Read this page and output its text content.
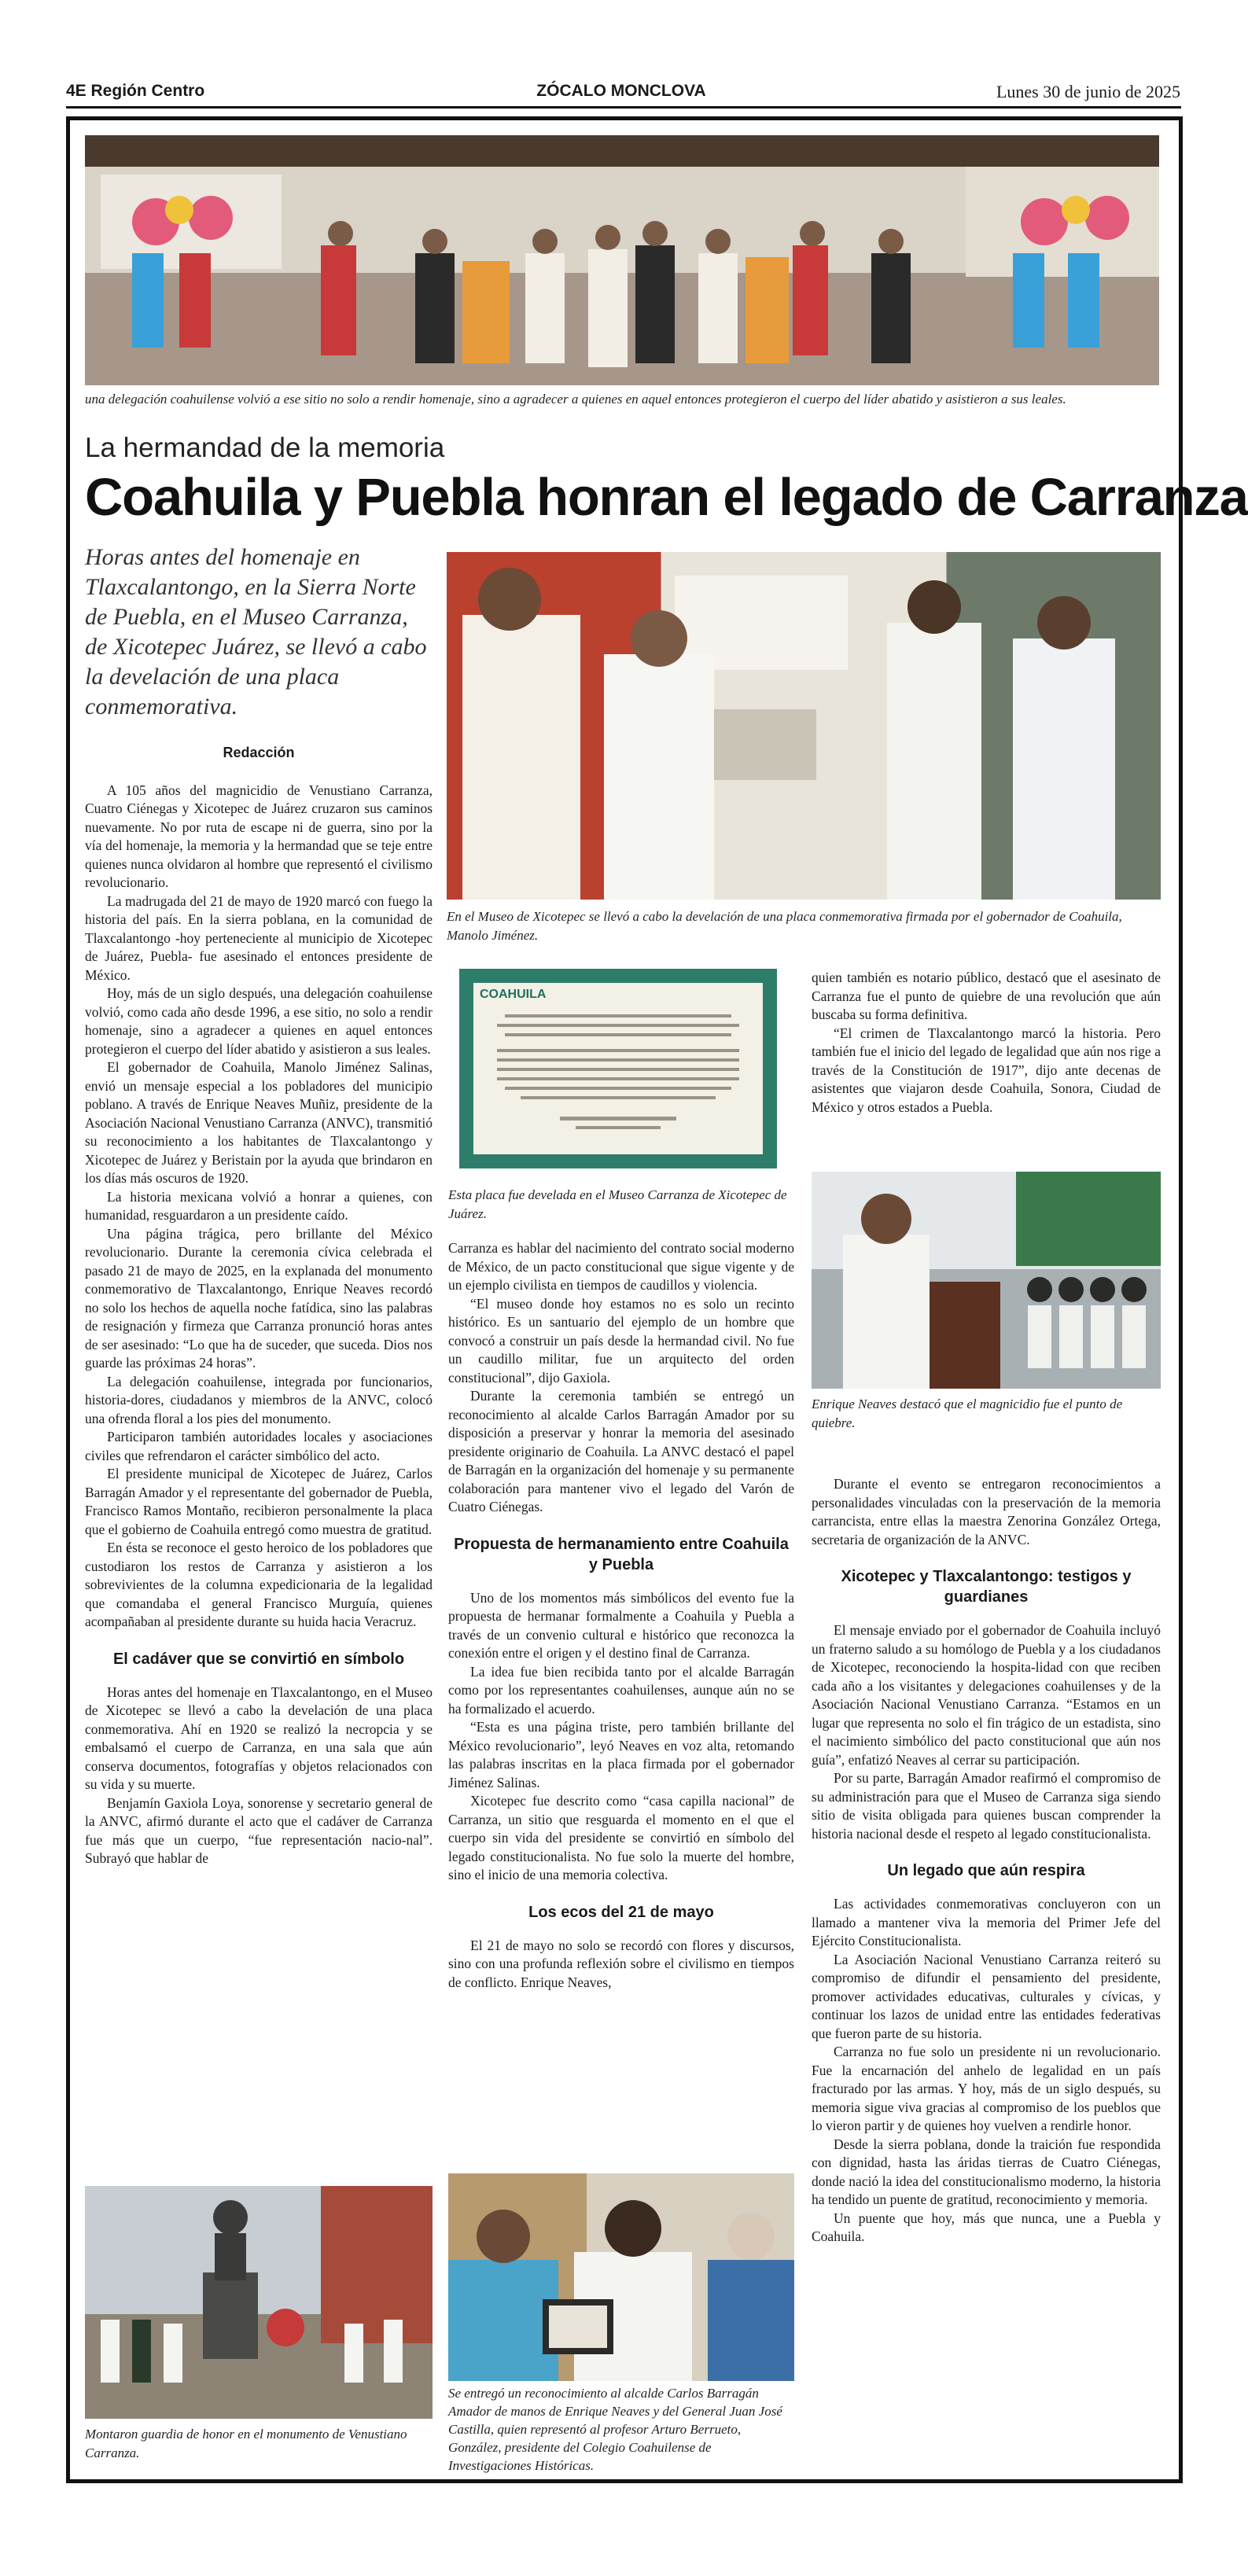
4E Región Centro	ZÓCALO MONCLOVA	Lunes 30 de junio de 2025
una delegación coahuilense volvió a ese sitio no solo a rendir homenaje, sino a agradecer a quienes en aquel entonces protegieron el cuerpo del líder abatido y asistieron a sus leales.
La hermandad de la memoria
Coahuila y Puebla honran el legado de Carranza
Horas antes del homenaje en Tlaxcalantongo, en la Sierra Norte de Puebla, en el Museo Carranza, de Xicotepec Juárez, se llevó a cabo la develación de una placa conmemorativa.
En el Museo de Xicotepec se llevó a cabo la develación de una placa conmemorativa firmada por el gobernador de Coahuila, Manolo Jiménez.
COAHUILA
Esta placa fue develada en el Museo Carranza de Xicotepec de Juárez.

Redacción

A 105 años del magnicidio de Venustiano Carranza, Cuatro Ciénegas y Xicotepec de Juárez cruzaron sus caminos nuevamente. No por ruta de escape ni de guerra, sino por la vía del homenaje, la memoria y la hermandad que se teje entre quienes nunca olvidaron al hombre que representó el civilismo revolucionario.

La madrugada del 21 de mayo de 1920 marcó con fuego la historia del país. En la sierra poblana, en la comunidad de Tlaxcalantongo -hoy perteneciente al municipio de Xicotepec de Juárez, Puebla- fue asesinado el entonces presidente de México.

Hoy, más de un siglo después, una delegación coahuilense volvió, como cada año desde 1996, a ese sitio, no solo a rendir homenaje, sino a agradecer a quienes en aquel entonces protegieron el cuerpo del líder abatido y asistieron a sus leales.

El gobernador de Coahuila, Manolo Jiménez Salinas, envió un mensaje especial a los pobladores del municipio poblano. A través de Enrique Neaves Muñiz, presidente de la Asociación Nacional Venustiano Carranza (ANVC), transmitió su reconocimiento a los habitantes de Tlaxcalantongo y Xicotepec de Juárez y Beristain por la ayuda que brindaron en los días más oscuros de 1920.

La historia mexicana volvió a honrar a quienes, con humanidad, resguardaron a un presidente caído.

Una página trágica, pero brillante del México revolucionario. Durante la ceremonia cívica celebrada el pasado 21 de mayo de 2025, en la explanada del monumento conmemorativo de Tlaxcalantongo, Enrique Neaves recordó no solo los hechos de aquella noche fatídica, sino las palabras de resignación y firmeza que Carranza pronunció horas antes de ser asesinado: “Lo que ha de suceder, que suceda. Dios nos guarde las próximas 24 horas”.

La delegación coahuilense, integrada por funcionarios, historia-dores, ciudadanos y miembros de la ANVC, colocó una ofrenda floral a los pies del monumento.

Participaron también autoridades locales y asociaciones civiles que refrendaron el carácter simbólico del acto.

El presidente municipal de Xicotepec de Juárez, Carlos Barragán Amador y el representante del gobernador de Puebla, Francisco Ramos Montaño, recibieron personalmente la placa que el gobierno de Coahuila entregó como muestra de gratitud.

En ésta se reconoce el gesto heroico de los pobladores que custodiaron los restos de Carranza y asistieron a los sobrevivientes de la columna expedicionaria de la legalidad que comandaba el general Francisco Murguía, quienes acompañaban al presidente durante su huida hacia Veracruz.

El cadáver que se convirtió en símbolo

Horas antes del homenaje en Tlaxcalantongo, en el Museo de Xicotepec se llevó a cabo la develación de una placa conmemorativa. Ahí en 1920 se realizó la necropcia y se embalsamó el cuerpo de Carranza, en una sala que aún conserva documentos, fotografías y objetos relacionados con su vida y su muerte.

Benjamín Gaxiola Loya, sonorense y secretario general de la ANVC, afirmó durante el acto que el cadáver de Carranza fue más que un cuerpo, “fue representación nacio-nal”. Subrayó que hablar de

Montaron guardia de honor en el monumento de Venustiano Carranza.

Carranza es hablar del nacimiento del contrato social moderno de México, de un pacto constitucional que sigue vigente y de un ejemplo civilista en tiempos de caudillos y violencia.

“El museo donde hoy estamos no es solo un recinto histórico. Es un santuario del ejemplo de un hombre que convocó a construir un país desde la hermandad civil. No fue un caudillo militar, fue un arquitecto del orden constitucional”, dijo Gaxiola.

Durante la ceremonia también se entregó un reconocimiento al alcalde Carlos Barragán Amador por su disposición a preservar y honrar la memoria del asesinado presidente originario de Coahuila. La ANVC destacó el papel de Barragán en la organización del homenaje y su permanente colaboración para mantener vivo el legado del Varón de Cuatro Ciénegas.

Propuesta de hermanamiento entre Coahuila y Puebla

Uno de los momentos más simbólicos del evento fue la propuesta de hermanar formalmente a Coahuila y Puebla a través de un convenio cultural e histórico que reconozca la conexión entre el origen y el destino final de Carranza.

La idea fue bien recibida tanto por el alcalde Barragán como por los representantes coahuilenses, aunque aún no se ha formalizado el acuerdo.

“Esta es una página triste, pero también brillante del México revolucionario”, leyó Neaves en voz alta, retomando las palabras inscritas en la placa firmada por el gobernador Jiménez Salinas.

Xicotepec fue descrito como “casa capilla nacional” de Carranza, un sitio que resguarda el momento en el que el cuerpo sin vida del presidente se convirtió en símbolo del legado constitucionalista. No fue solo la muerte del hombre, sino el inicio de una memoria colectiva.

Los ecos del 21 de mayo

El 21 de mayo no solo se recordó con flores y discursos, sino con una profunda reflexión sobre el civilismo en tiempos de conflicto. Enrique Neaves,

Se entregó un reconocimiento al alcalde Carlos Barragán Amador de manos de Enrique Neaves y del General Juan José Castilla, quien representó al profesor Arturo Berrueto, González, presidente del Colegio Coahuilense de Investigaciones Históricas.

quien también es notario público, destacó que el asesinato de Carranza fue el punto de quiebre de una revolución que aún buscaba su forma definitiva.

“El crimen de Tlaxcalantongo marcó la historia. Pero también fue el inicio del legado de legalidad que aún nos rige a través de la Constitución de 1917”, dijo ante decenas de asistentes que viajaron desde Coahuila, Sonora, Ciudad de México y otros estados a Puebla.

Enrique Neaves destacó que el magnicidio fue el punto de quiebre.

Durante el evento se entregaron reconocimientos a personalidades vinculadas con la preservación de la memoria carrancista, entre ellas la maestra Zenorina González Ortega, secretaria de organización de la ANVC.

Xicotepec y Tlaxcalantongo: testigos y guardianes

El mensaje enviado por el gobernador de Coahuila incluyó un fraterno saludo a su homólogo de Puebla y a los ciudadanos de Xicotepec, reconociendo la hospita-lidad con que reciben cada año a los visitantes y delegaciones coahuilenses y de la Asociación Nacional Venustiano Carranza. “Estamos en un lugar que representa no solo el fin trágico de un estadista, sino el nacimiento simbólico del pacto constitucional que aún nos guía”, enfatizó Neaves al cerrar su participación.

Por su parte, Barragán Amador reafirmó el compromiso de su administración para que el Museo de Carranza siga siendo sitio de visita obligada para quienes buscan comprender la historia nacional desde el respeto al legado constitucionalista.

Un legado que aún respira

Las actividades conmemorativas concluyeron con un llamado a mantener viva la memoria del Primer Jefe del Ejército Constitucionalista.

La Asociación Nacional Venustiano Carranza reiteró su compromiso de difundir el pensamiento del presidente, promover actividades educativas, culturales y cívicas, y continuar los lazos de unidad entre las entidades federativas que fueron parte de su historia.

Carranza no fue solo un presidente ni un revolucionario. Fue la encarnación del anhelo de legalidad en un país fracturado por las armas. Y hoy, más de un siglo después, su memoria sigue viva gracias al compromiso de los pueblos que lo vieron partir y de quienes hoy vuelven a rendirle honor.

Desde la sierra poblana, donde la traición fue respondida con dignidad, hasta las áridas tierras de Cuatro Ciénegas, donde nació la idea del constitucionalismo moderno, la historia ha tendido un puente de gratitud, reconocimiento y memoria.

Un puente que hoy, más que nunca, une a Puebla y Coahuila.
